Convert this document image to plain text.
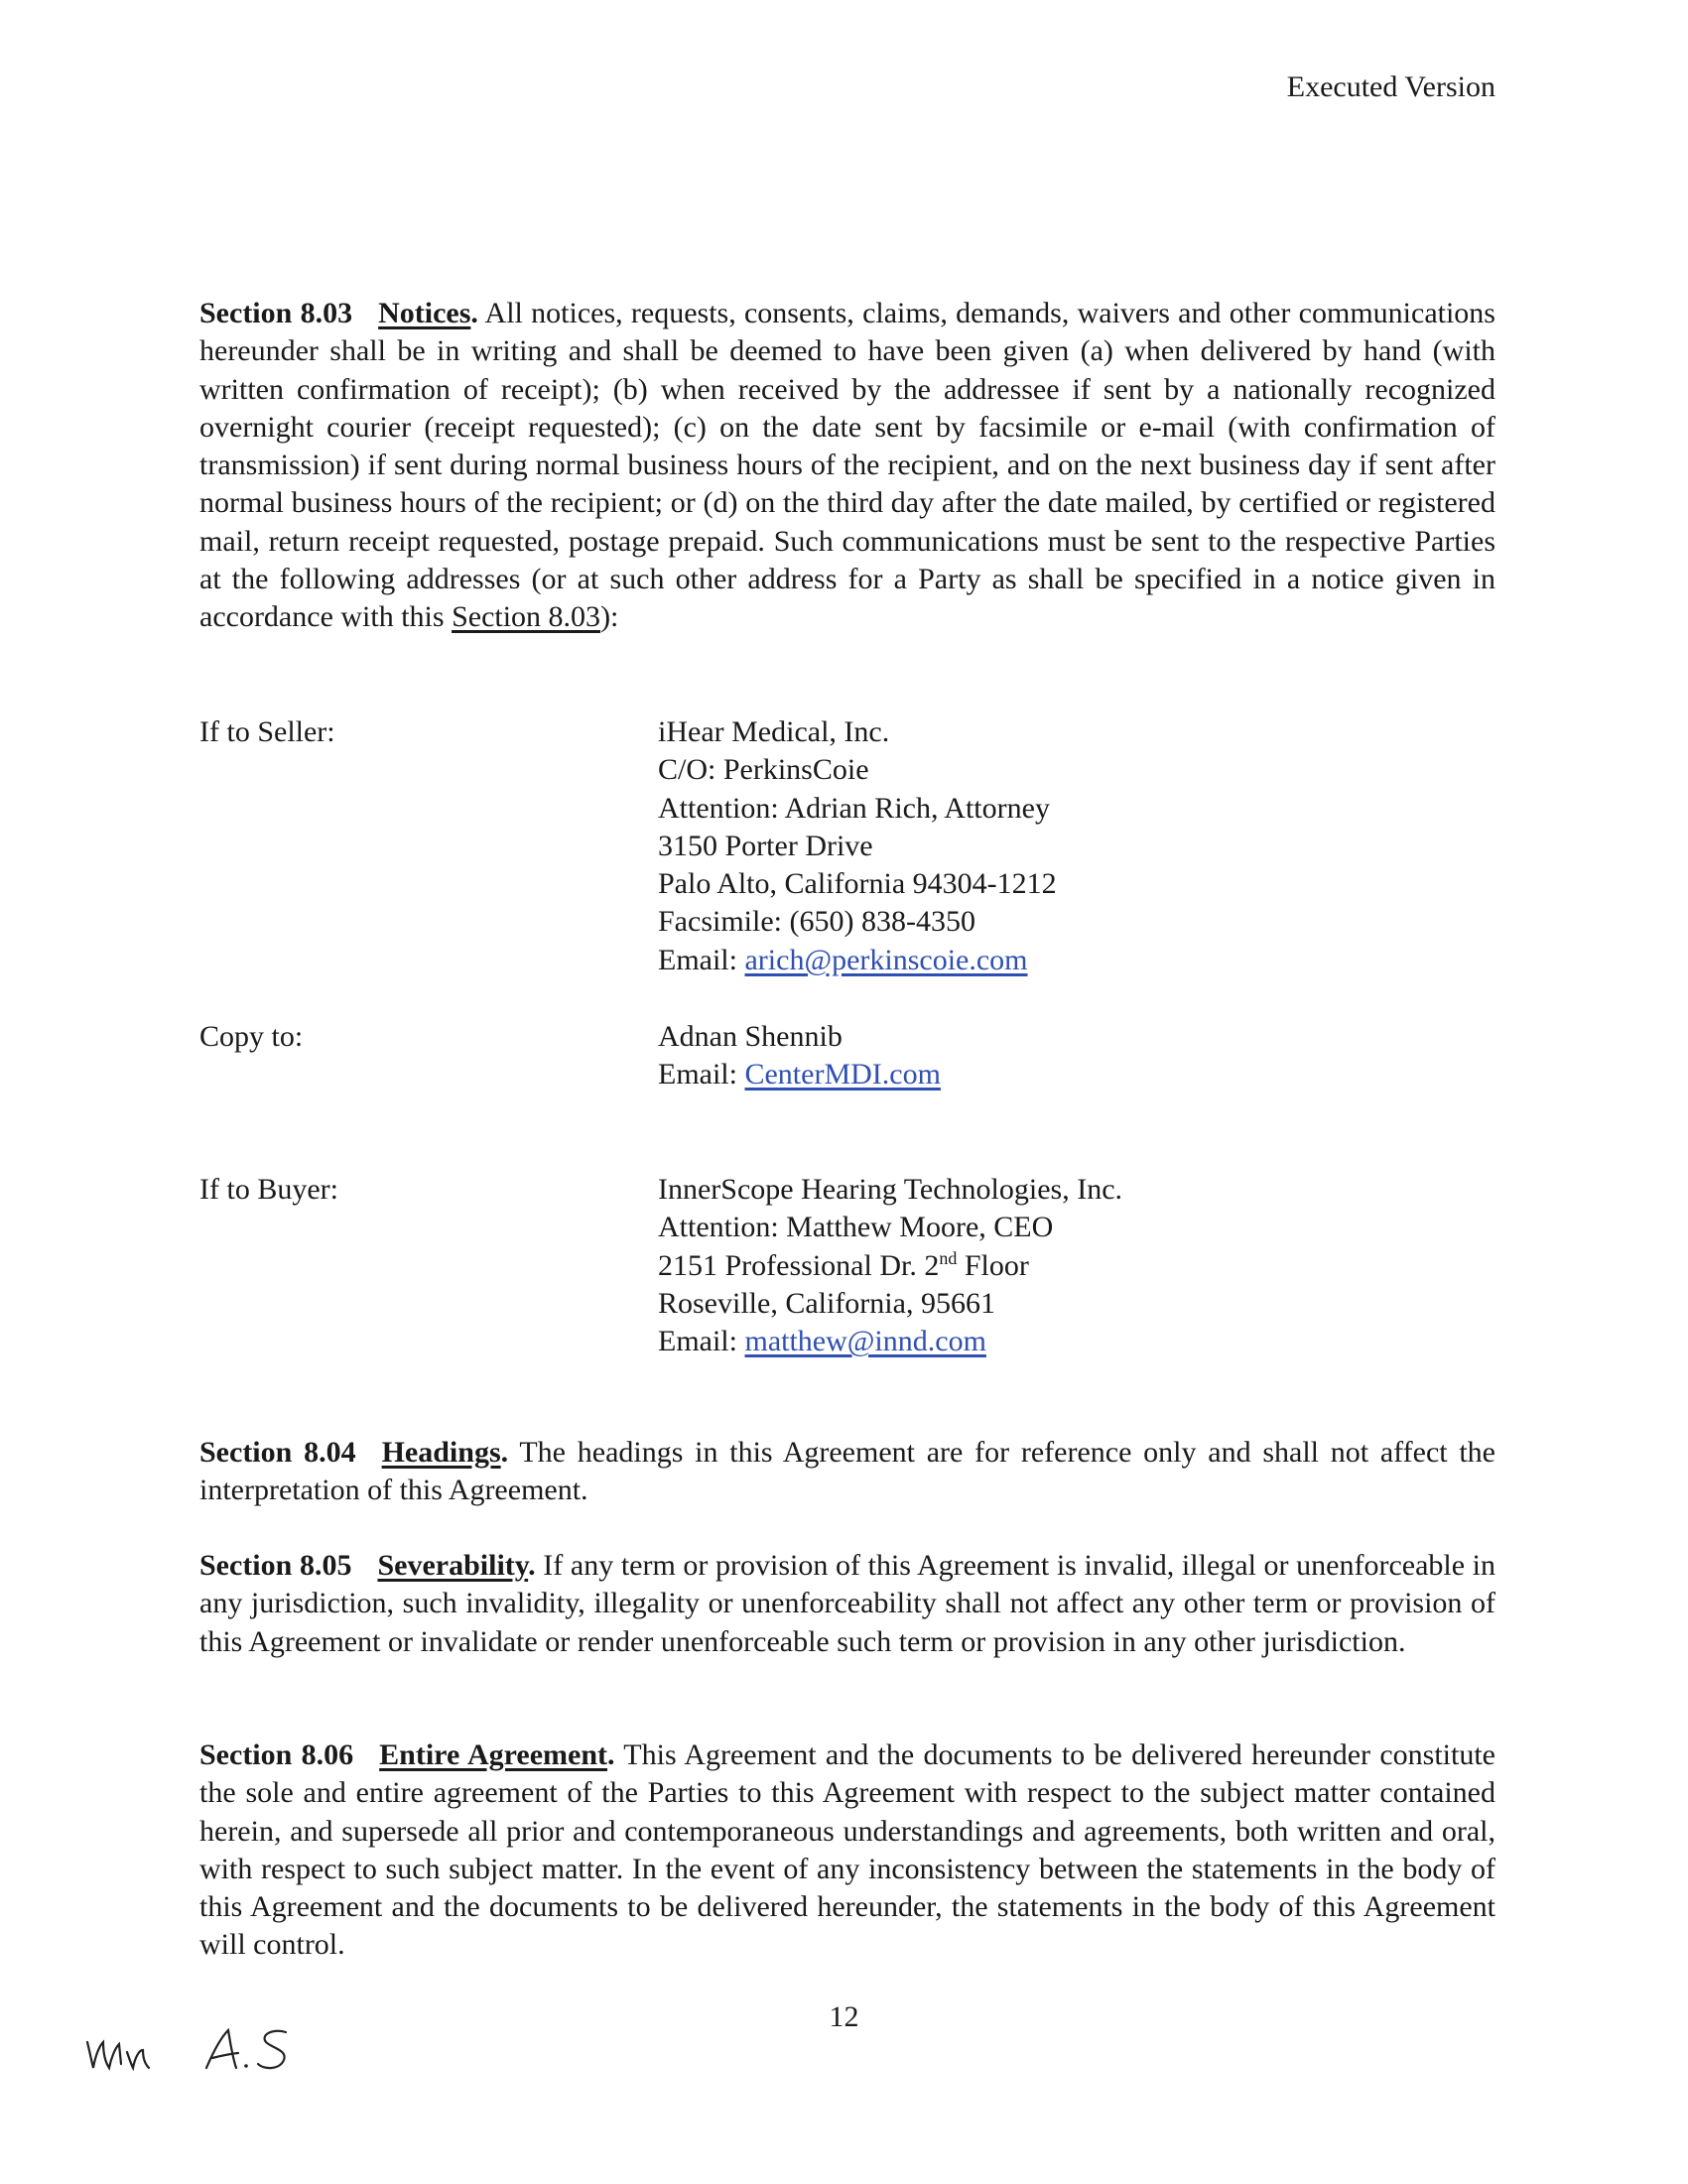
Executed Version
Section 8.03 Notices. All notices, requests, consents, claims, demands, waivers and other communications hereunder shall be in writing and shall be deemed to have been given (a) when delivered by hand (with written confirmation of receipt); (b) when received by the addressee if sent by a nationally recognized overnight courier (receipt requested); (c) on the date sent by facsimile or e-mail (with confirmation of transmission) if sent during normal business hours of the recipient, and on the next business day if sent after normal business hours of the recipient; or (d) on the third day after the date mailed, by certified or registered mail, return receipt requested, postage prepaid. Such communications must be sent to the respective Parties at the following addresses (or at such other address for a Party as shall be specified in a notice given in accordance with this Section 8.03):
If to Seller:	iHear Medical, Inc.
C/O: PerkinsCoie
Attention: Adrian Rich, Attorney
3150 Porter Drive
Palo Alto, California 94304-1212
Facsimile: (650) 838-4350
Email: arich@perkinscoie.com
Copy to:	Adnan Shennib
Email: CenterMDI.com
If to Buyer:	InnerScope Hearing Technologies, Inc.
Attention: Matthew Moore, CEO
2151 Professional Dr. 2nd Floor
Roseville, California, 95661
Email: matthew@innd.com
Section 8.04 Headings. The headings in this Agreement are for reference only and shall not affect the interpretation of this Agreement.
Section 8.05 Severability. If any term or provision of this Agreement is invalid, illegal or unenforceable in any jurisdiction, such invalidity, illegality or unenforceability shall not affect any other term or provision of this Agreement or invalidate or render unenforceable such term or provision in any other jurisdiction.
Section 8.06 Entire Agreement. This Agreement and the documents to be delivered hereunder constitute the sole and entire agreement of the Parties to this Agreement with respect to the subject matter contained herein, and supersede all prior and contemporaneous understandings and agreements, both written and oral, with respect to such subject matter. In the event of any inconsistency between the statements in the body of this Agreement and the documents to be delivered hereunder, the statements in the body of this Agreement will control.
12
